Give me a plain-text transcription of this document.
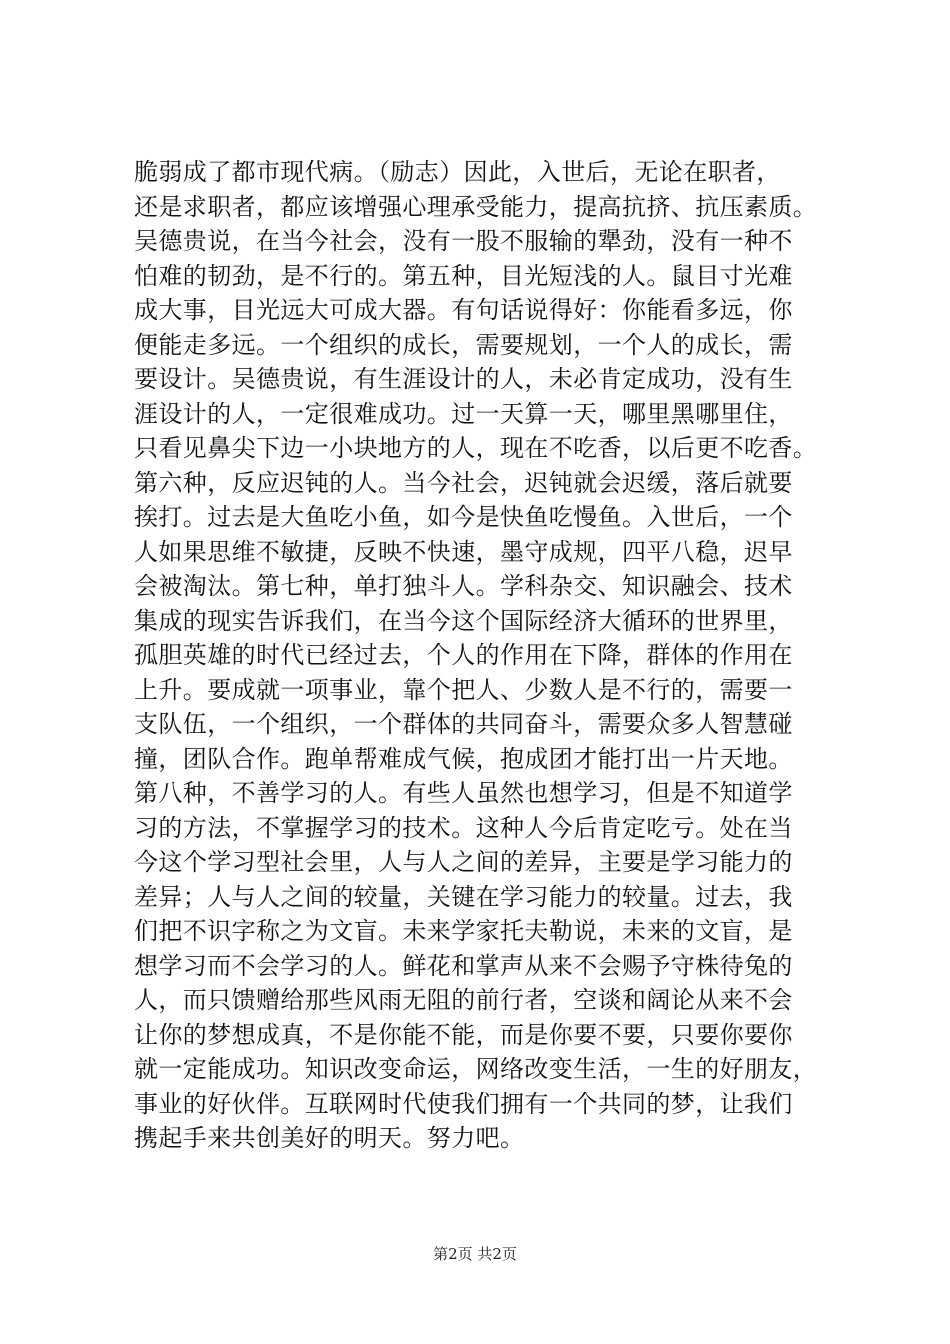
脆弱成了都市现代病。（励志）因此，入世后，无论在职者，
还是求职者，都应该增强心理承受能力，提高抗挤、抗压素质。
吴德贵说，在当今社会，没有一股不服输的犟劲，没有一种不
怕难的韧劲，是不行的。第五种，目光短浅的人。鼠目寸光难
成大事，目光远大可成大器。有句话说得好：你能看多远，你
便能走多远。一个组织的成长，需要规划，一个人的成长，需
要设计。吴德贵说，有生涯设计的人，未必肯定成功，没有生
涯设计的人，一定很难成功。过一天算一天，哪里黑哪里住，
只看见鼻尖下边一小块地方的人，现在不吃香，以后更不吃香。
第六种，反应迟钝的人。当今社会，迟钝就会迟缓，落后就要
挨打。过去是大鱼吃小鱼，如今是快鱼吃慢鱼。入世后，一个
人如果思维不敏捷，反映不快速，墨守成规，四平八稳，迟早
会被淘汰。第七种，单打独斗人。学科杂交、知识融会、技术
集成的现实告诉我们，在当今这个国际经济大循环的世界里，
孤胆英雄的时代已经过去，个人的作用在下降，群体的作用在
上升。要成就一项事业，靠个把人、少数人是不行的，需要一
支队伍，一个组织，一个群体的共同奋斗，需要众多人智慧碰
撞，团队合作。跑单帮难成气候，抱成团才能打出一片天地。
第八种，不善学习的人。有些人虽然也想学习，但是不知道学
习的方法，不掌握学习的技术。这种人今后肯定吃亏。处在当
今这个学习型社会里，人与人之间的差异，主要是学习能力的
差异；人与人之间的较量，关键在学习能力的较量。过去，我
们把不识字称之为文盲。未来学家托夫勒说，未来的文盲，是
想学习而不会学习的人。鲜花和掌声从来不会赐予守株待兔的
人，而只馈赠给那些风雨无阻的前行者，空谈和阔论从来不会
让你的梦想成真，不是你能不能，而是你要不要，只要你要你
就一定能成功。知识改变命运，网络改变生活，一生的好朋友，
事业的好伙伴。互联网时代使我们拥有一个共同的梦，让我们
携起手来共创美好的明天。努力吧。
第2页 共2页
